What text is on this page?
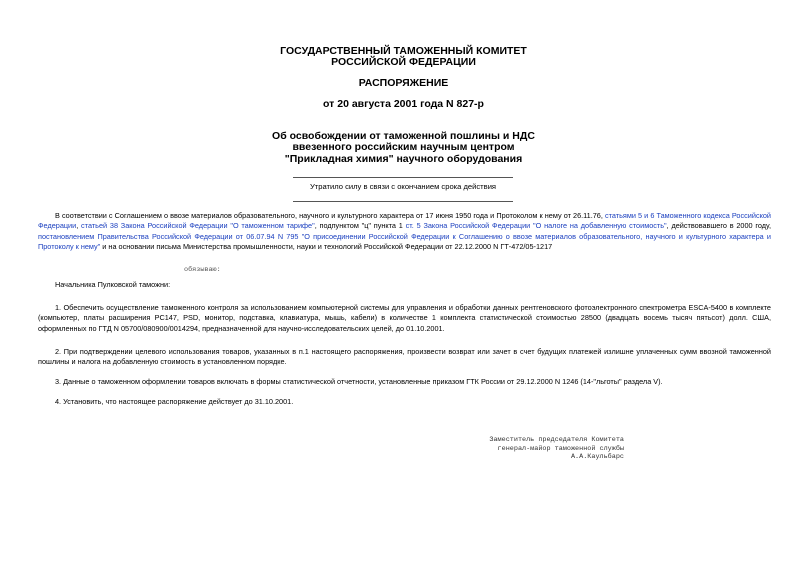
ГОСУДАРСТВЕННЫЙ ТАМОЖЕННЫЙ КОМИТЕТ
РОССИЙСКОЙ ФЕДЕРАЦИИ
РАСПОРЯЖЕНИЕ
от 20 августа 2001 года N 827-р
Об освобождении от таможенной пошлины и НДС
ввезенного российским научным центром
"Прикладная химия" научного оборудования
Утратило силу в связи с окончанием срока действия
В соответствии с Соглашением о ввозе материалов образовательного, научного и культурного характера от 17 июня 1950 года и Протоколом к нему от 26.11.76, статьями 5 и 6 Таможенного кодекса Российской Федерации, статьей 38 Закона Российской Федерации "О таможенном тарифе", подпунктом "ц" пункта 1 ст. 5 Закона Российской Федерации "О налоге на добавленную стоимость", действовавшего в 2000 году, постановлением Правительства Российской Федерации от 06.07.94 N 795 "О присоединении Российской Федерации к Соглашению о ввозе материалов образовательного, научного и культурного характера и Протоколу к нему" и на основании письма Министерства промышленности, науки и технологий Российской Федерации от 22.12.2000 N ГТ-472/05-1217
обязываю:
Начальника Пулковской таможни:
1. Обеспечить осуществление таможенного контроля за использованием компьютерной системы для управления и обработки данных рентгеновского фотоэлектронного спектрометра ESCA-5400 в комплекте (компьютер, платы расширения PC147, PSD, монитор, подставка, клавиатура, мышь, кабели) в количестве 1 комплекта статистической стоимостью 28500 (двадцать восемь тысяч пятьсот) долл. США, оформленных по ГТД N 05700/080900/0014294, предназначенной для научно-исследовательских целей, до 01.10.2001.
2. При подтверждении целевого использования товаров, указанных в п.1 настоящего распоряжения, произвести возврат или зачет в счет будущих платежей излишне уплаченных сумм ввозной таможенной пошлины и налога на добавленную стоимость в установленном порядке.
3. Данные о таможенном оформлении товаров включать в формы статистической отчетности, установленные приказом ГТК России от 29.12.2000 N 1246 (14-"льготы" раздела V).
4. Установить, что настоящее распоряжение действует до 31.10.2001.
Заместитель председателя Комитета
генерал-майор таможенной службы
А.А.Каульбарс
